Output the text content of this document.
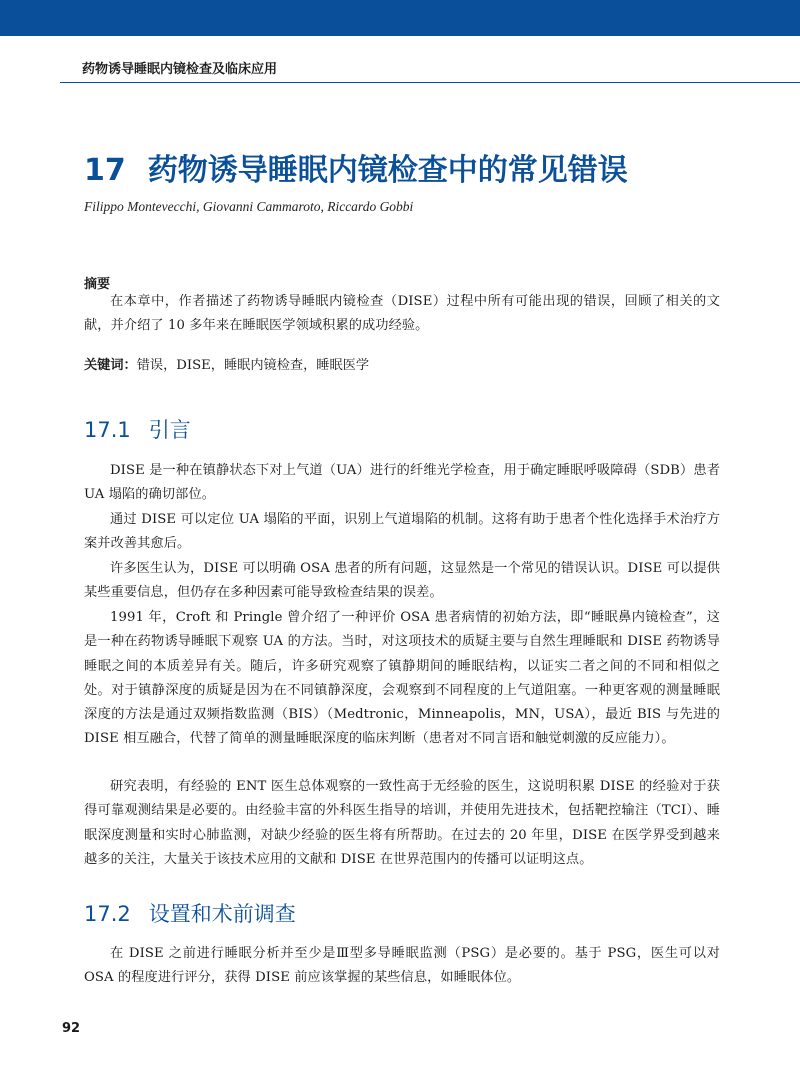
药物诱导睡眠内镜检查及临床应用
17 药物诱导睡眠内镜检查中的常见错误
Filippo Montevecchi, Giovanni Cammaroto, Riccardo Gobbi
摘要

在本章中，作者描述了药物诱导睡眠内镜检查（DISE）过程中所有可能出现的错误，回顾了相关的文献，并介绍了 10 多年来在睡眠医学领域积累的成功经验。

关键词：错误，DISE，睡眠内镜检查，睡眠医学
17.1 引言

DISE 是一种在镇静状态下对上气道（UA）进行的纤维光学检查，用于确定睡眠呼吸障碍（SDB）患者 UA 塌陷的确切部位。

通过 DISE 可以定位 UA 塌陷的平面，识别上气道塌陷的机制。这将有助于患者个性化选择手术治疗方案并改善其愈后。

许多医生认为，DISE 可以明确 OSA 患者的所有问题，这显然是一个常见的错误认识。DISE 可以提供某些重要信息，但仍存在多种因素可能导致检查结果的误差。

1991 年，Croft 和 Pringle 曾介绍了一种评价 OSA 患者病情的初始方法，即“睡眠鼻内镜检查”，这是一种在药物诱导睡眠下观察 UA 的方法。当时，对这项技术的质疑主要与自然生理睡眠和 DISE 药物诱导睡眠之间的本质差异有关。随后，许多研究观察了镇静期间的睡眠结构，以证实二者之间的不同和相似之处。对于镇静深度的质疑是因为在不同镇静深度，会观察到不同程度的上气道阻塞。一种更客观的测量睡眠深度的方法是通过双频指数监测（BIS）（Medtronic，Minneapolis，MN，USA），最近 BIS 与先进的 DISE 相互融合，代替了简单的测量睡眠深度的临床判断（患者对不同言语和触觉刺激的反应能力）。

研究表明，有经验的 ENT 医生总体观察的一致性高于无经验的医生，这说明积累 DISE 的经验对于获得可靠观测结果是必要的。由经验丰富的外科医生指导的培训，并使用先进技术，包括靶控输注（TCI）、睡眠深度测量和实时心肺监测，对缺少经验的医生将有所帮助。在过去的 20 年里，DISE 在医学界受到越来越多的关注，大量关于该技术应用的文献和 DISE 在世界范围内的传播可以证明这点。

17.2 设置和术前调查

在 DISE 之前进行睡眠分析并至少是Ⅲ型多导睡眠监测（PSG）是必要的。基于 PSG，医生可以对 OSA 的程度进行评分，获得 DISE 前应该掌握的某些信息，如睡眠体位。

92
